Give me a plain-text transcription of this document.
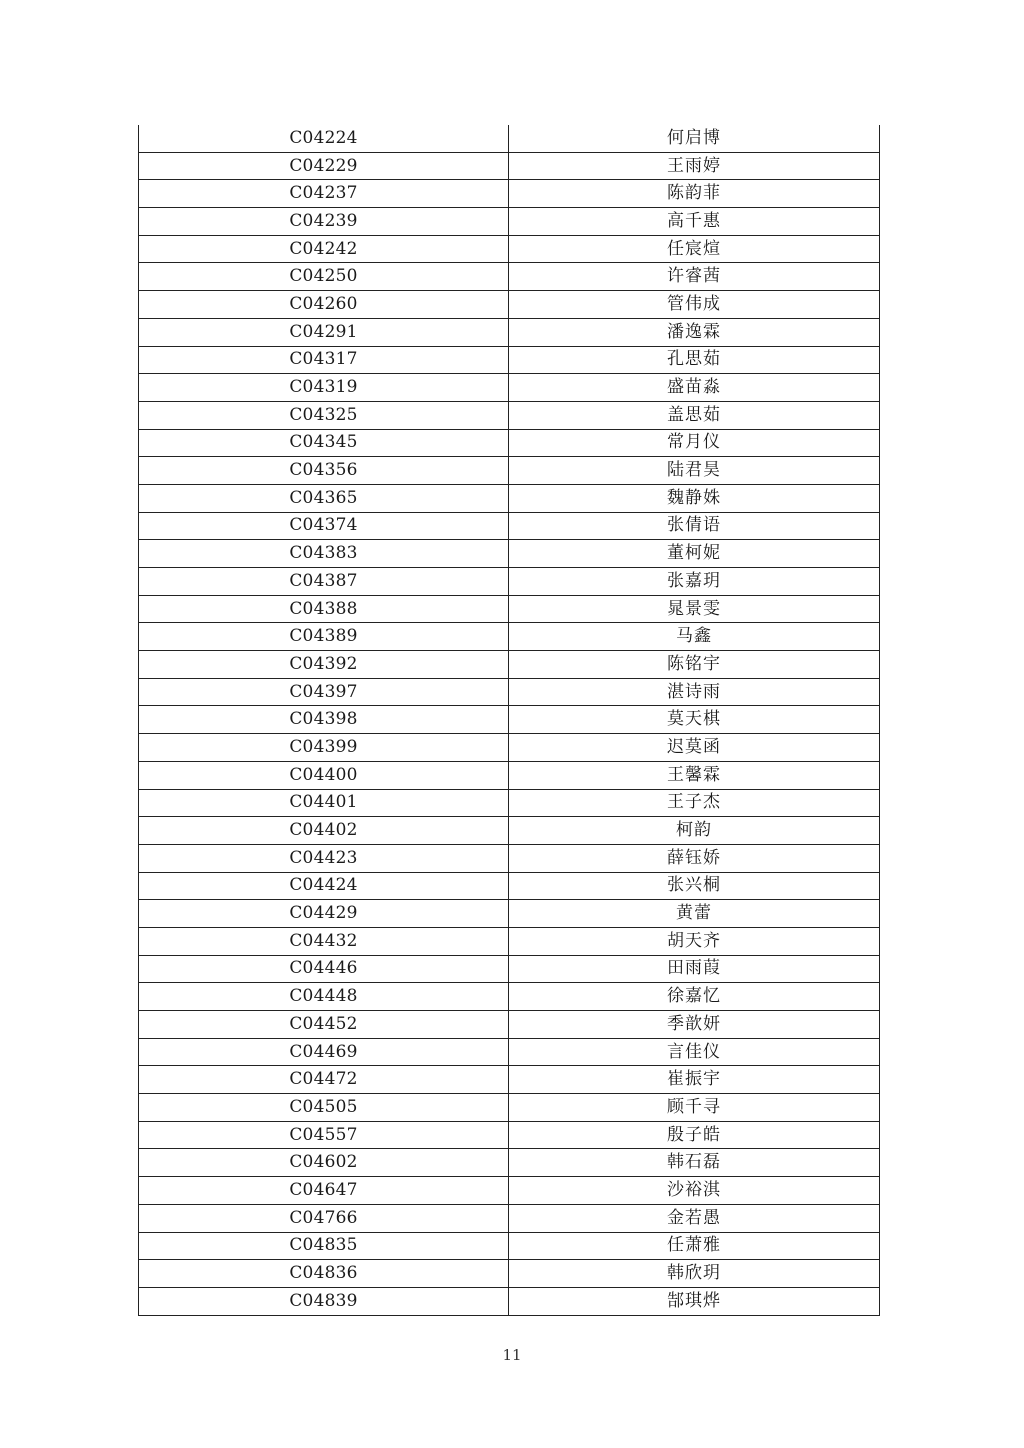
C04224	何启博
C04229	王雨婷
C04237	陈韵菲
C04239	高千惠
C04242	任宸煊
C04250	许睿茜
C04260	管伟成
C04291	潘逸霖
C04317	孔思茹
C04319	盛苗淼
C04325	盖思茹
C04345	常月仪
C04356	陆君昊
C04365	魏静姝
C04374	张倩语
C04383	董柯妮
C04387	张嘉玥
C04388	晁景雯
C04389	马鑫
C04392	陈铭宇
C04397	湛诗雨
C04398	莫天棋
C04399	迟莫函
C04400	王馨霖
C04401	王子杰
C04402	柯韵
C04423	薛钰娇
C04424	张兴桐
C04429	黄蕾
C04432	胡天齐
C04446	田雨葭
C04448	徐嘉忆
C04452	季歆妍
C04469	言佳仪
C04472	崔振宇
C04505	顾千寻
C04557	殷子皓
C04602	韩石磊
C04647	沙裕淇
C04766	金若愚
C04835	任萧雅
C04836	韩欣玥
C04839	郜琪烨
11
